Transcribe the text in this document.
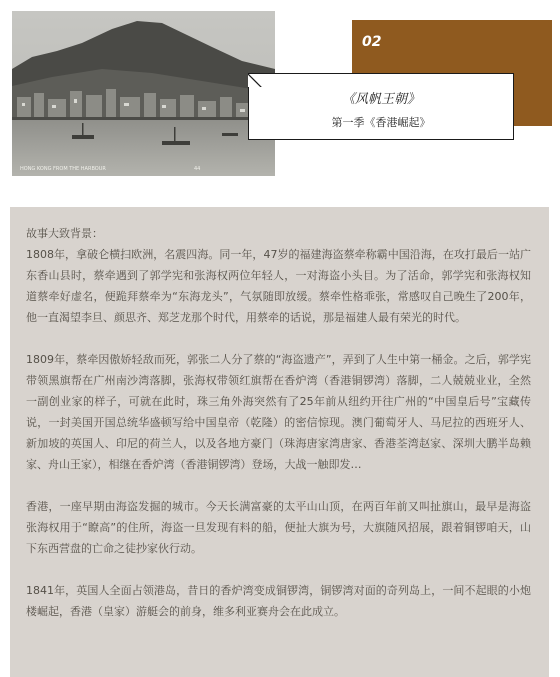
HONG KONG FROM THE HARBOUR	44
02
《风帆王朝》
第一季《香港崛起》

故事大致背景：

1808年，拿破仑横扫欧洲，名震四海。同一年，47岁的福建海盗蔡牵称霸中国沿海，在攻打最后一站广东香山县时，蔡牵遇到了郭学宪和张海权两位年轻人，一对海盗小头目。为了活命，郭学宪和张海权知道蔡牵好虚名，便跪拜蔡牵为“东海龙头”，气氛随即放缓。蔡牵性格乖张，常感叹自己晚生了200年，他一直渴望李旦、颜思齐、郑芝龙那个时代，用蔡牵的话说，那是福建人最有荣光的时代。

1809年，蔡牵因傲娇轻敌而死，郭张二人分了蔡的“海盗遗产”，弄到了人生中第一桶金。之后，郭学宪带领黑旗帮在广州南沙湾落脚，张海权带领红旗帮在香炉湾（香港铜锣湾）落脚，二人兢兢业业，全然一副创业家的样子，可就在此时，珠三角外海突然有了25年前从纽约开往广州的“中国皇后号”宝藏传说，一封美国开国总统华盛顿写给中国皇帝（乾隆）的密信惊现。澳门葡萄牙人、马尼拉的西班牙人、新加坡的英国人、印尼的荷兰人，以及各地方豪门（珠海唐家湾唐家、香港荃湾赵家、深圳大鹏半岛赖家、舟山王家），相继在香炉湾（香港铜锣湾）登场，大战一触即发…

香港，一座早期由海盗发掘的城市。今天长满富豪的太平山山顶，在两百年前又叫扯旗山，最早是海盗张海权用于“瞭高”的住所，海盗一旦发现有料的船，便扯大旗为号，大旗随风招展，跟着铜锣咱天，山下东西营盘的亡命之徒抄家伙行动。

1841年，英国人全面占领港岛，昔日的香炉湾变成铜锣湾，铜锣湾对面的奇列岛上，一间不起眼的小炮楼崛起，香港（皇家）游艇会的前身，维多利亚赛舟会在此成立。
